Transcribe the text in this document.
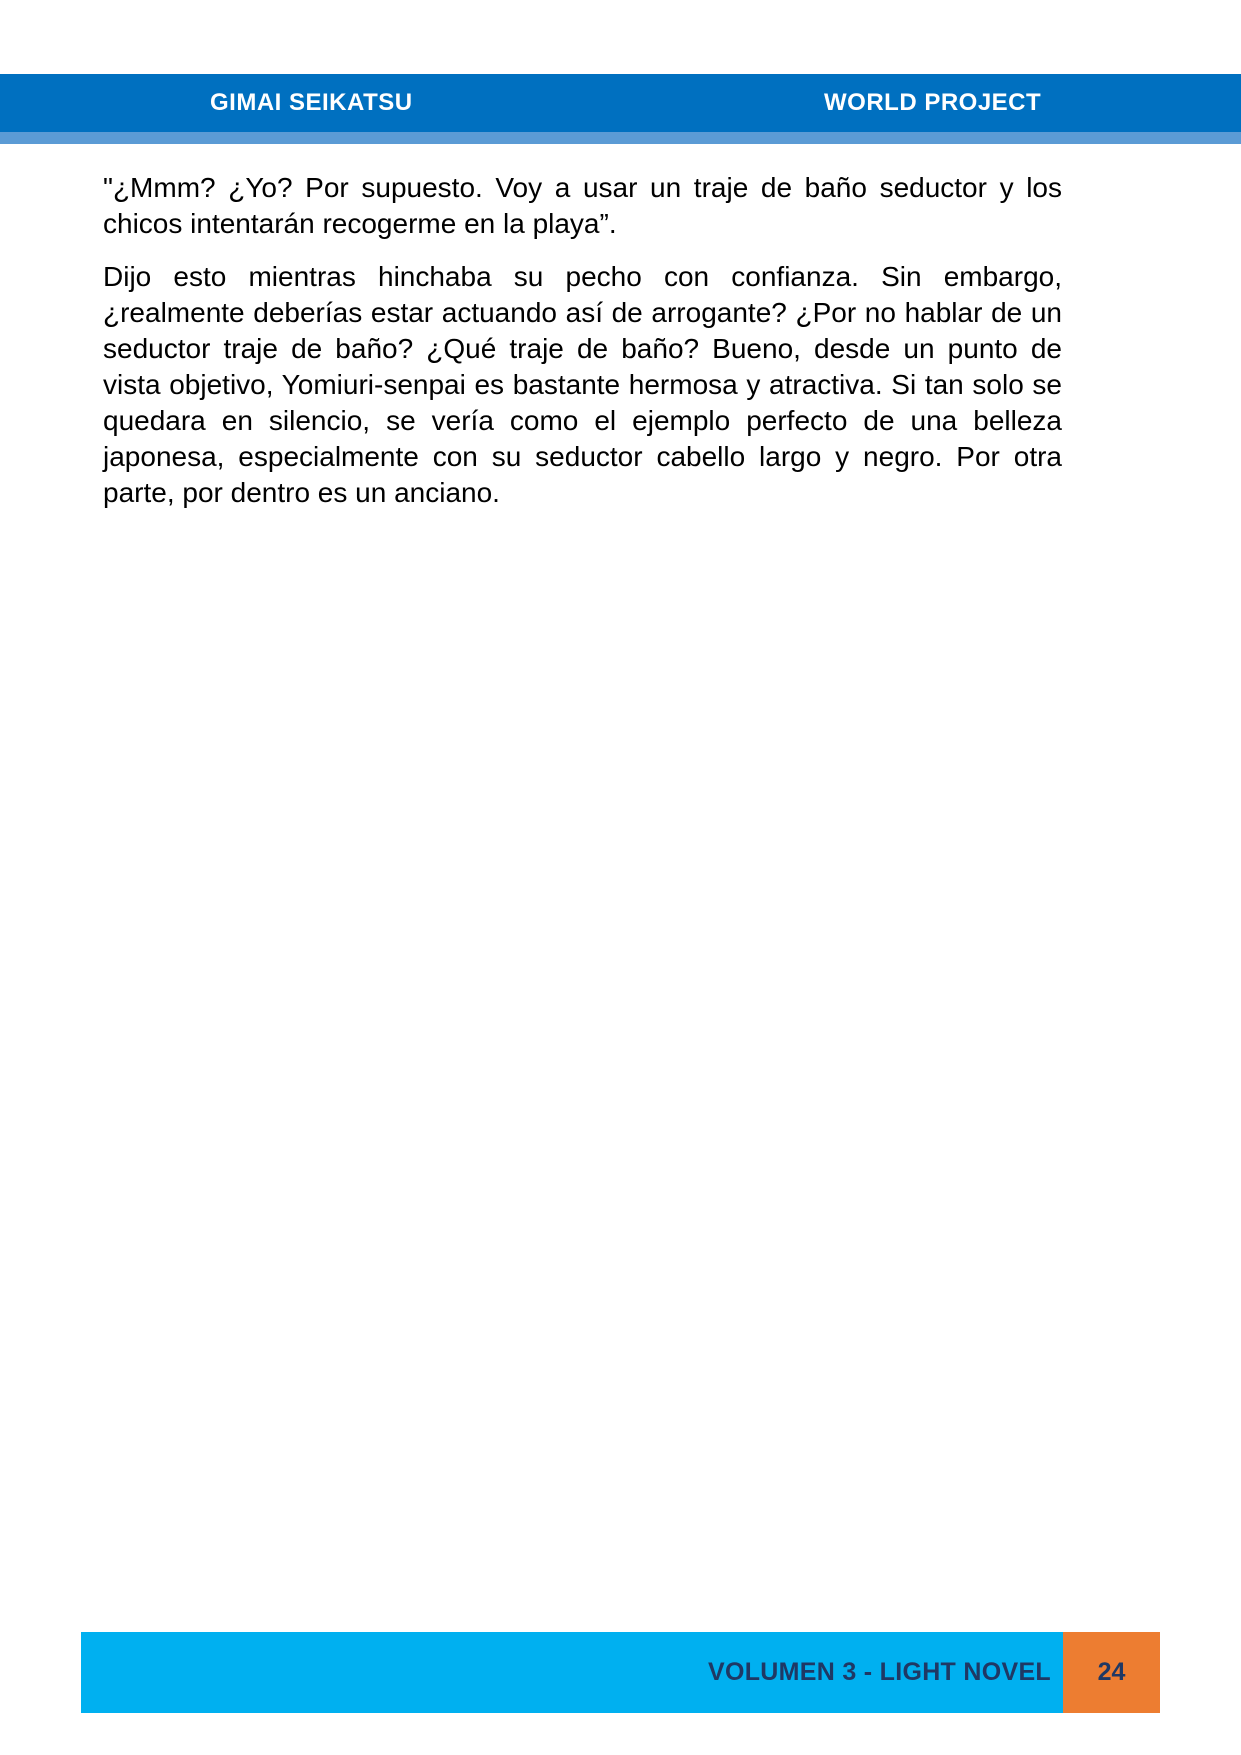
GIMAI SEIKATSU	WORLD PROJECT

"¿Mmm? ¿Yo? Por supuesto. Voy a usar un traje de baño seductor y los chicos intentarán recogerme en la playa”.

Dijo esto mientras hinchaba su pecho con confianza. Sin embargo, ¿realmente deberías estar actuando así de arrogante? ¿Por no hablar de un seductor traje de baño? ¿Qué traje de baño? Bueno, desde un punto de vista objetivo, Yomiuri-senpai es bastante hermosa y atractiva. Si tan solo se quedara en silencio, se vería como el ejemplo perfecto de una belleza japonesa, especialmente con su seductor cabello largo y negro. Por otra parte, por dentro es un anciano.

VOLUMEN 3 - LIGHT NOVEL	24
